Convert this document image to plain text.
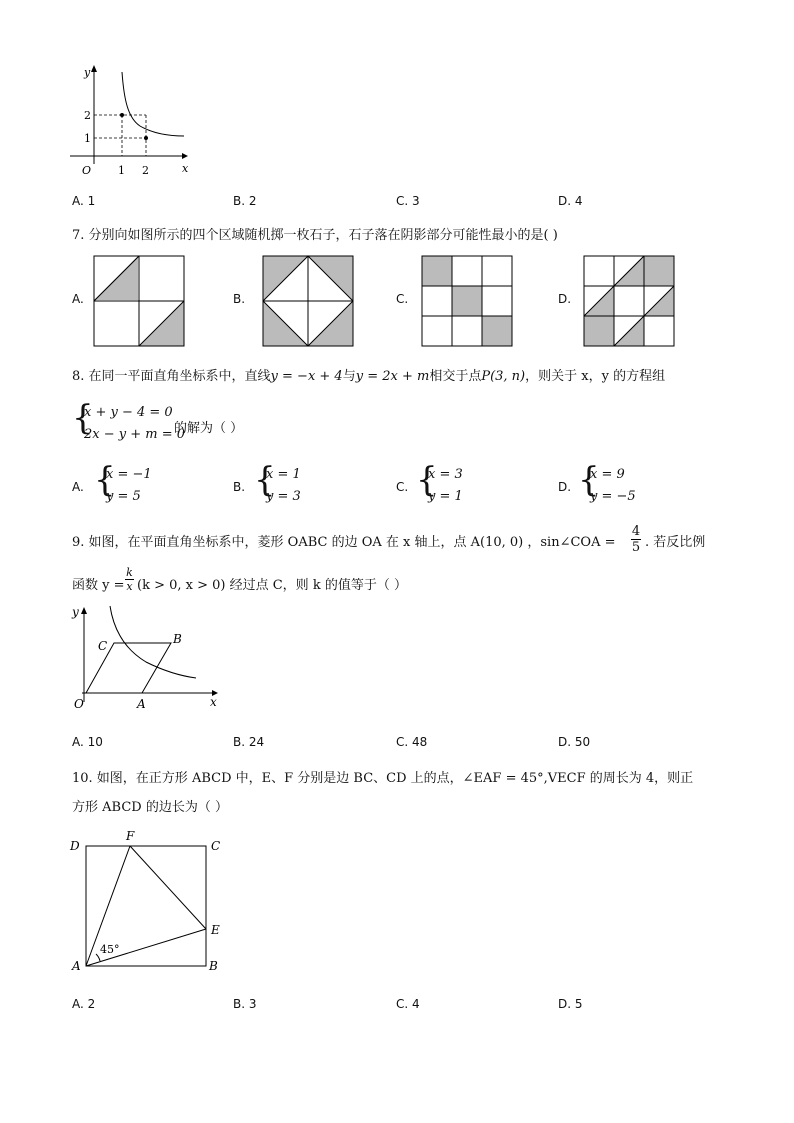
y
x
O
2
1
1 2
A. 1	B. 2	C. 3	D. 4
7. 分别向如图所示的四个区域随机掷一枚石子，石子落在阴影部分可能性最小的是( )
A.	B.	C.	D.
8. 在同一平面直角坐标系中，直线y = −x + 4与y = 2x + m相交于点P(3, n)，则关于 x，y 的方程组
{
x + y − 4 = 0
2x − y + m = 0
的解为（ ）
A. {
x = −1
y = 5
B. {
x = 1
y = 3
C. {
x = 3
y = 1
D. {
x = 9
y = −5
9. 如图，在平面直角坐标系中，菱形 OABC 的边 OA 在 x 轴上，点 A(10, 0) ，sin∠COA =
4
5 . 若反比例
函数 y =
k
x (k > 0, x > 0) 经过点 C，则 k 的值等于（ ）
y
x
O	A
B
C
A. 10	B. 24	C. 48	D. 50
10. 如图，在正方形 ABCD 中，E、F 分别是边 BC、CD 上的点，∠EAF = 45°,VECF 的周长为 4，则正
方形 ABCD 的边长为（ ）
D
F
C
E
A	B
45°
A. 2	B. 3	C. 4	D. 5
